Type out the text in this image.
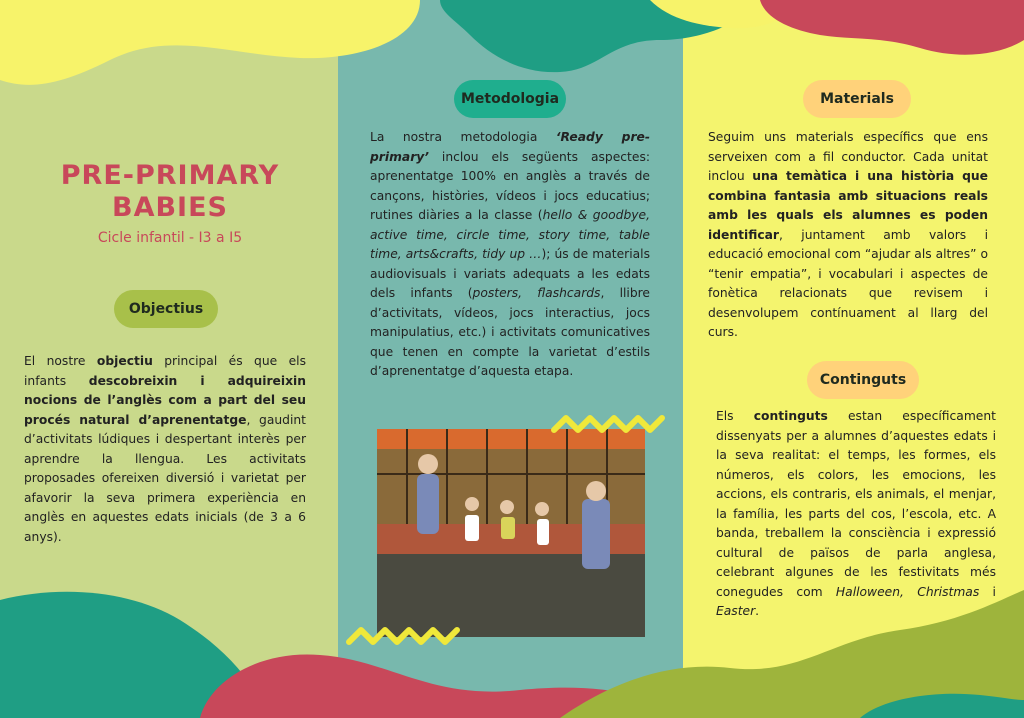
PRE-PRIMARY
BABIES
Cicle infantil - I3 a I5
Objectius
El nostre objectiu principal és que els infants descobreixin i adquireixin nocions de l’anglès com a part del seu procés natural d’aprenentatge, gaudint d’activitats lúdiques i despertant interès per aprendre la llengua. Les activitats proposades ofereixen diversió i varietat per afavorir la seva primera experiència en anglès en aquestes edats inicials (de 3 a 6 anys).
Metodologia
La nostra metodologia ‘Ready pre-primary’ inclou els següents aspectes: aprenentatge 100% en anglès a través de cançons, històries, vídeos i jocs educatius; rutines diàries a la classe (hello & goodbye, active time, circle time, story time, table time, arts&crafts, tidy up …); ús de materials audiovisuals i variats adequats a les edats dels infants (posters, flashcards, llibre d’activitats, vídeos, jocs interactius, jocs manipulatius, etc.) i activitats comunicatives que tenen en compte la varietat d’estils d’aprenentatge d’aquesta etapa.
Materials
Seguim uns materials específics que ens serveixen com a fil conductor. Cada unitat inclou una temàtica i una història que combina fantasia amb situacions reals amb les quals els alumnes es poden identificar, juntament amb valors i educació emocional com “ajudar als altres” o “tenir empatia”, i vocabulari i aspectes de fonètica relacionats que revisem i desenvolupem contínuament al llarg del curs.
Continguts
Els continguts estan específicament dissenyats per a alumnes d’aquestes edats i la seva realitat: el temps, les formes, els números, els colors, les emocions, les accions, els contraris, els animals, el menjar, la família, les parts del cos, l’escola, etc. A banda, treballem la consciència i expressió cultural de països de parla anglesa, celebrant algunes de les festivitats més conegudes com Halloween, Christmas i Easter.
